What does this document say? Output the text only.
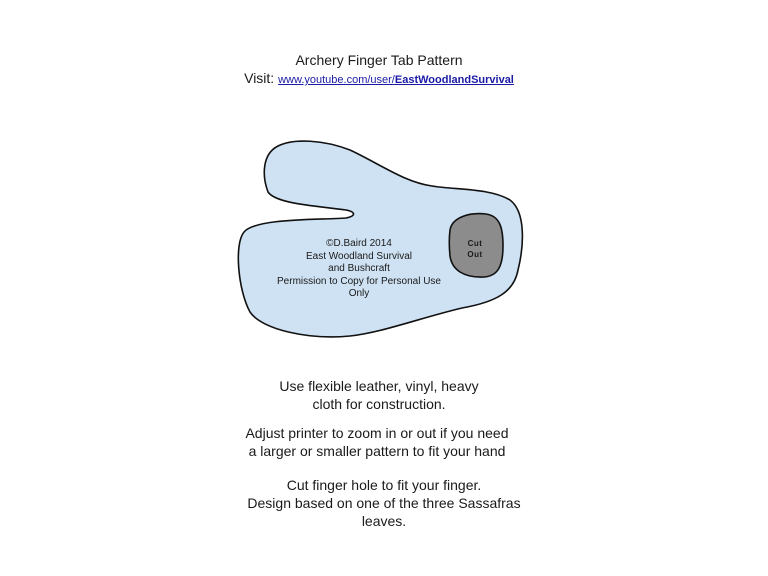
Archery Finger Tab Pattern
Visit: www.youtube.com/user/EastWoodlandSurvival
©D.Baird 2014
East Woodland Survival
and Bushcraft
Permission to Copy for Personal Use
Only
Cut
Out
Use flexible leather, vinyl, heavy
cloth for construction.
Adjust printer to zoom in or out if you need
a larger or smaller pattern to fit your hand
Cut finger hole to fit your finger.
Design based on one of the three Sassafras
leaves.
